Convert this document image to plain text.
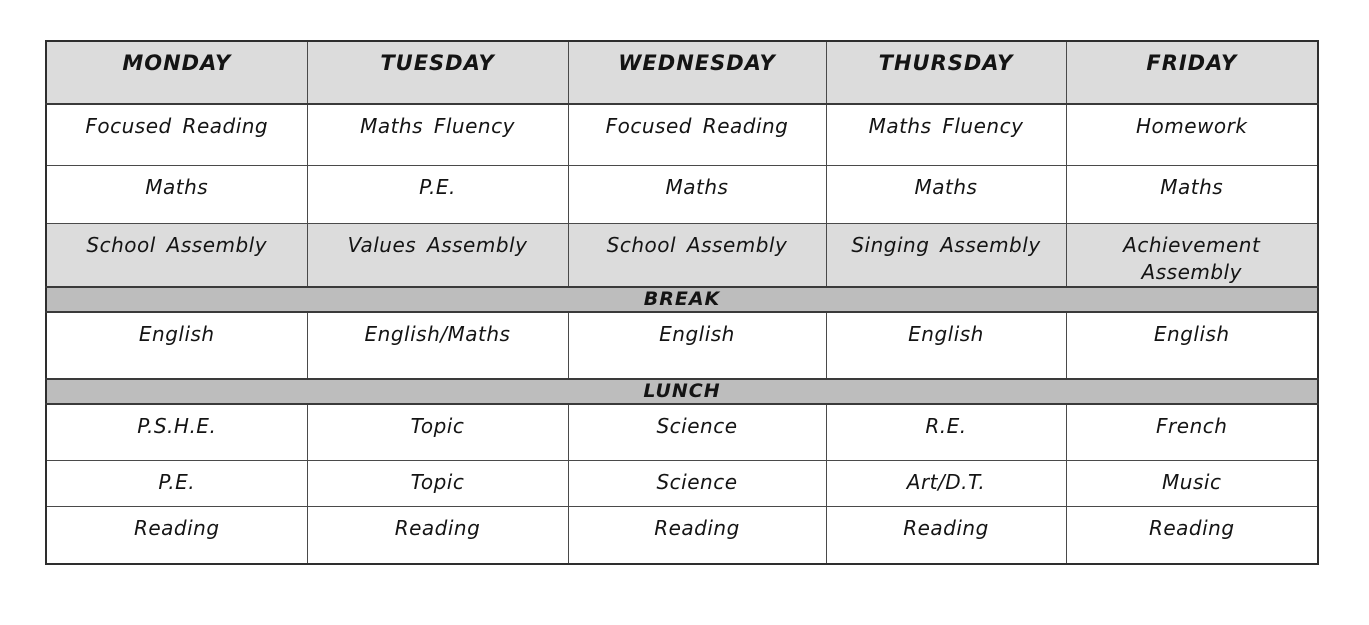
MONDAY	TUESDAY	WEDNESDAY	THURSDAY	FRIDAY
Focused Reading	Maths Fluency	Focused Reading	Maths Fluency	Homework
Maths	P.E.	Maths	Maths	Maths
School Assembly	Values Assembly	School Assembly	Singing Assembly	Achievement Assembly
BREAK				
English	English/Maths	English	English	English
LUNCH				
P.S.H.E.	Topic	Science	R.E.	French
P.E.	Topic	Science	Art/D.T.	Music
Reading	Reading	Reading	Reading	Reading
